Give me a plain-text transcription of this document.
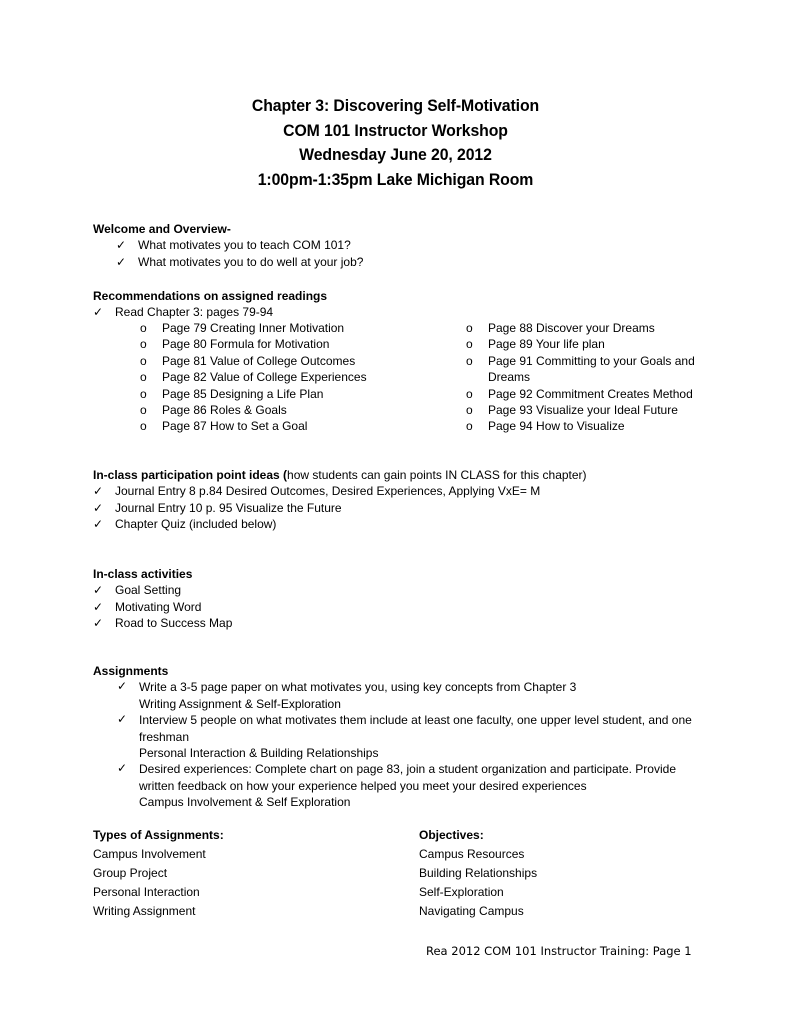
Chapter 3: Discovering Self-Motivation
COM 101 Instructor Workshop
Wednesday June 20, 2012
1:00pm-1:35pm Lake Michigan Room
Welcome and Overview-
✓ What motivates you to teach COM 101?
✓ What motivates you to do well at your job?
Recommendations on assigned readings
✓ Read Chapter 3: pages 79-94
o Page 79 Creating Inner Motivation
o Page 80 Formula for Motivation
o Page 81 Value of College Outcomes
o Page 82 Value of College Experiences
o Page 85 Designing a Life Plan
o Page 86 Roles & Goals
o Page 87 How to Set a Goal
o Page 88 Discover your Dreams
o Page 89 Your life plan
o Page 91 Committing to your Goals and
Dreams
o Page 92 Commitment Creates Method
o Page 93 Visualize your Ideal Future
o Page 94 How to Visualize
In-class participation point ideas (how students can gain points IN CLASS for this chapter)
✓ Journal Entry 8 p.84 Desired Outcomes, Desired Experiences, Applying VxE= M
✓ Journal Entry 10 p. 95 Visualize the Future
✓ Chapter Quiz (included below)
In-class activities
✓ Goal Setting
✓ Motivating Word
✓ Road to Success Map
Assignments
✓ Write a 3-5 page paper on what motivates you, using key concepts from Chapter 3
Writing Assignment & Self-Exploration
✓ Interview 5 people on what motivates them include at least one faculty, one upper level student, and one
freshman
Personal Interaction & Building Relationships
✓ Desired experiences: Complete chart on page 83, join a student organization and participate. Provide
written feedback on how your experience helped you meet your desired experiences
Campus Involvement & Self Exploration
Types of Assignments:
Campus Involvement
Group Project
Personal Interaction
Writing Assignment
Objectives:
Campus Resources
Building Relationships
Self-Exploration
Navigating Campus
Rea 2012 COM 101 Instructor Training: Page 1
